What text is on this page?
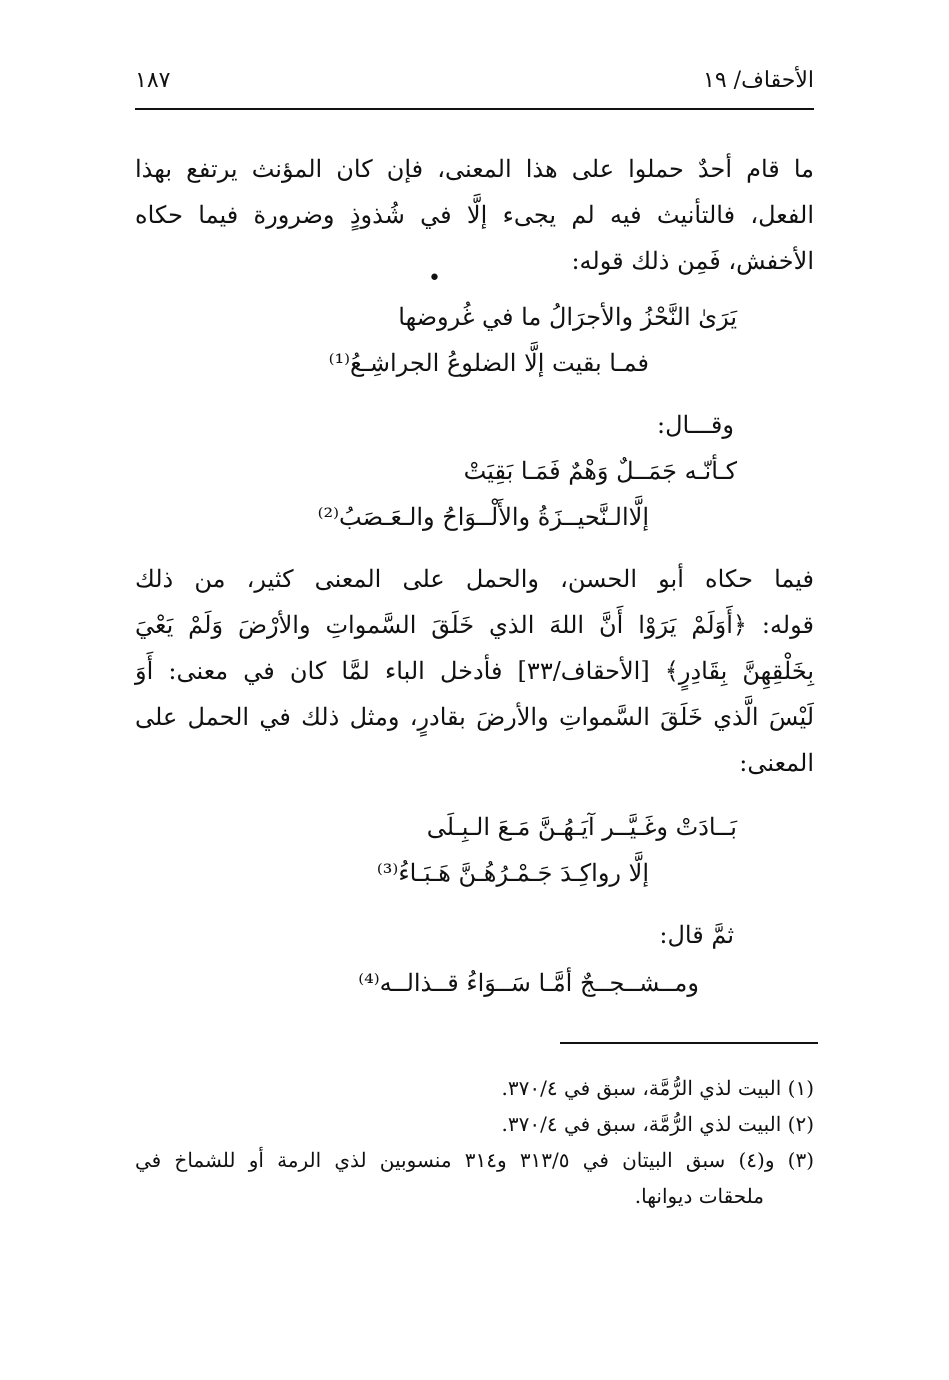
الأحقاف/ ١٩
١٨٧
ما قام أحدٌ حملوا على هذا المعنى، فإن كان المؤنث يرتفع بهذا
الفعل، فالتأنيث فيه لم يجىء إلَّا في شُذوذٍ وضرورة فيما حكاه
الأخفش، فَمِن ذلك قوله:
•

يَرَىٰ النَّحْزُ والأجرَالُ ما في غُروضها

فمـا بقيت إلَّا الضلوعُ الجراشِـعُ⁽¹⁾

وقـــال:

كـأنّـه جَمَــلٌ وَهْمٌ فَمَـا بَقِيَتْ

إلَّاالـنَّحيــزَةُ والأَلْــوَاحُ والـعَـصَبُ⁽²⁾

فيما حكاه أبو الحسن، والحمل على المعنى كثير، من ذلك
قوله: ﴿أَوَلَمْ يَرَوْا أَنَّ اللهَ الذي خَلَقَ السَّمواتِ والأرْضَ وَلَمْ يَعْيَ
بِخَلْقِهِنَّ بِقَادِرٍ﴾ [الأحقاف/٣٣] فأدخل الباء لمَّا كان في معنى: أَوَ
لَيْسَ الَّذي خَلَقَ السَّمواتِ والأرضَ بقادرٍ، ومثل ذلك في الحمل على
المعنى:

بَــادَتْ وغَـيَّــر آيَـهُـنَّ مَـعَ الـبِـلَى

إلَّا رواكِـدَ جَـمْـرُهُـنَّ هَـبَـاءُ⁽³⁾

ثمَّ قال:

ومــشــجــجٌ أمَّـا سَــوَاءُ قــذالــه⁽⁴⁾

(١) البيت لذي الرُّمَّة، سبق في ٣٧٠/٤.
(٢) البيت لذي الرُّمَّة، سبق في ٣٧٠/٤.
(٣) و(٤) سبق البيتان في ٣١٣/٥ و٣١٤ منسوبين لذي الرمة أو للشماخ في
ملحقات ديوانها.
